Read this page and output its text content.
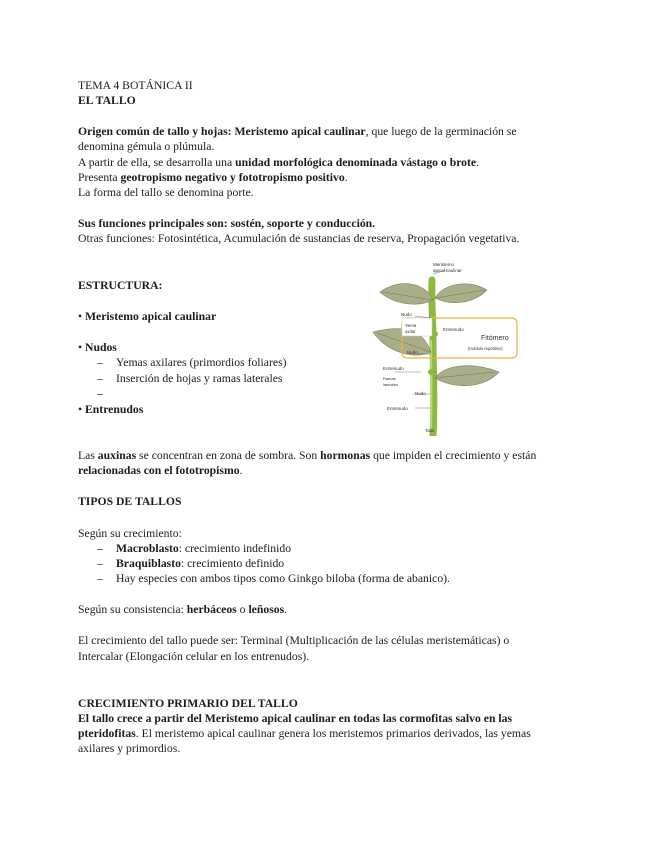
TEMA 4 BOTÁNICA II
EL TALLO
Origen común de tallo y hojas: Meristemo apical caulinar, que luego de la germinación se
denomina gémula o plúmula.
A partir de ella, se desarrolla una unidad morfológica denominada vástago o brote.
Presenta geotropismo negativo y fototropismo positivo.
La forma del tallo se denomina porte.
Sus funciones principales son: sostén, soporte y conducción.
Otras funciones: Fotosintética, Acumulación de sustancias de reserva, Propagación vegetativa.
ESTRUCTURA:
• Meristemo apical caulinar
• Nudos
– Yemas axilares (primordios foliares)
– Inserción de hojas y ramas laterales
–
• Entrenudos
Meristemo
apical caulinar
Nudo
Yema
axilar	Entrenudo
Fitómero
(módulo repetitivo)
Nudo
Entrenudo
Ramas
laterales
Nudo
Entrenudo
Tallo
Las auxinas se concentran en zona de sombra. Son hormonas que impiden el crecimiento y están
relacionadas con el fototropismo.
TIPOS DE TALLOS
Según su crecimiento:
– Macroblasto: crecimiento indefinido
– Braquiblasto: crecimiento definido
– Hay especies con ambos tipos como Ginkgo biloba (forma de abanico).
Según su consistencia: herbáceos o leñosos.
El crecimiento del tallo puede ser: Terminal (Multiplicación de las células meristemáticas) o
Intercalar (Elongación celular en los entrenudos).
CRECIMIENTO PRIMARIO DEL TALLO
El tallo crece a partir del Meristemo apical caulinar en todas las cormofitas salvo en las
pteridofitas. El meristemo apical caulinar genera los meristemos primarios derivados, las yemas
axilares y primordios.
